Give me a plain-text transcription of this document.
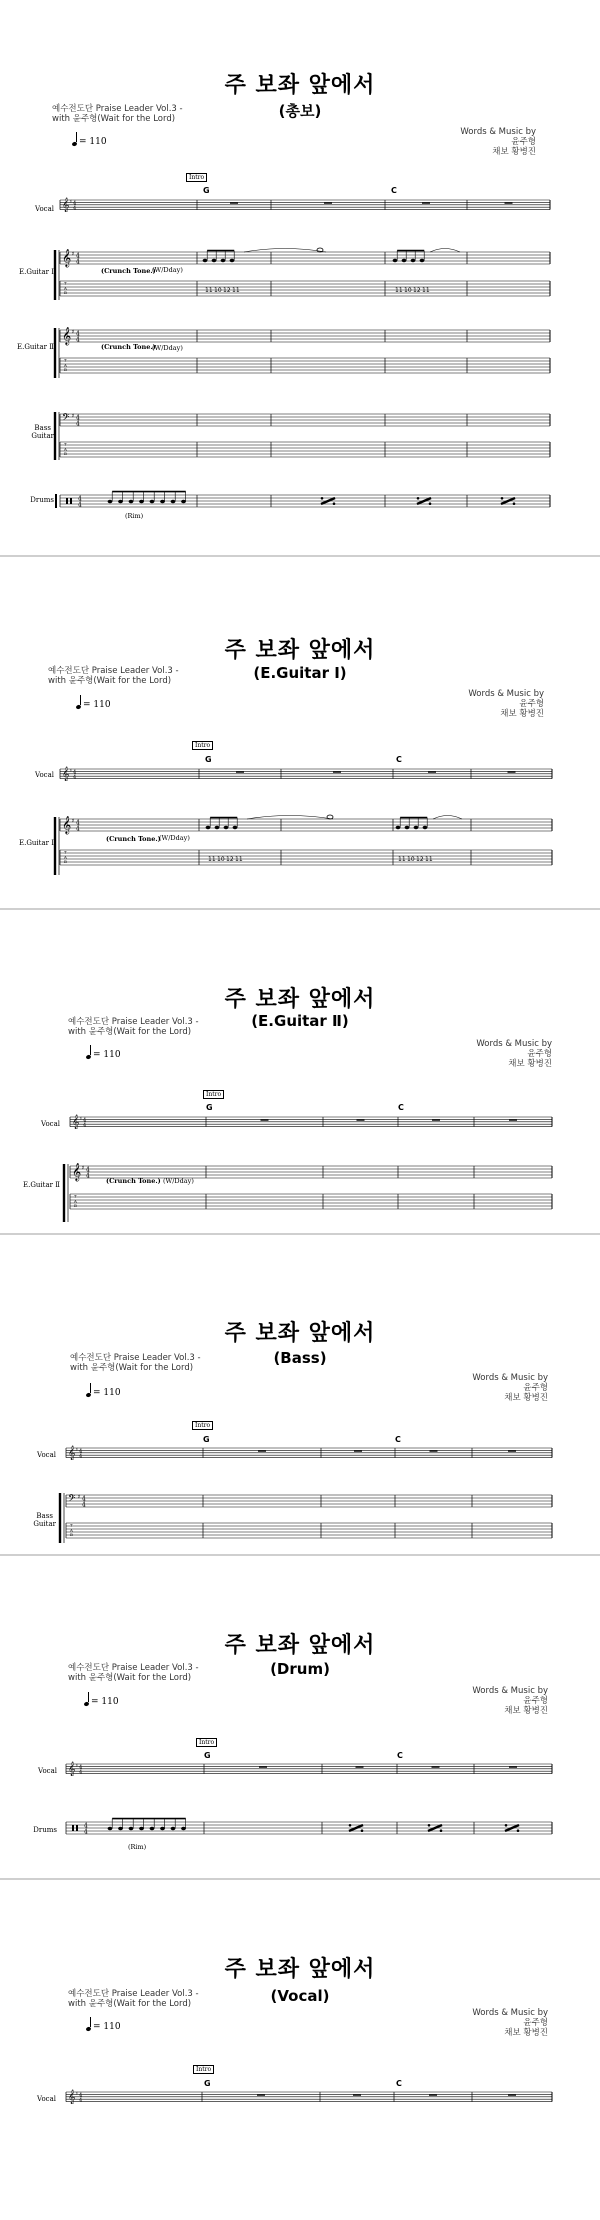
주 보좌 앞에서
(총보)
예수전도단 Praise Leader Vol.3 -
with 윤주형(Wait for the Lord)
Words & Music by
윤주형
채보 황병진
= 110
Intro
G	C
Vocal
E.Guitar Ⅰ
E.Guitar Ⅱ
Bass
Guitar
Drums
(Crunch Tone.)
(W/Dday)
(Crunch Tone.)
(W/Dday)
(Rim)
𝄞 ♯ 4
4
𝄞 ♯ 4
4
T
A
B	11 10 12 11	11 10 12 11
𝄞 ♯ 4
4
T
A
B
𝄢 ♯ 4
4
T
A
B
4
4
주 보좌 앞에서
(E.Guitar Ⅰ)
예수전도단 Praise Leader Vol.3 -
with 윤주형(Wait for the Lord)
Words & Music by
윤주형
채보 황병진
= 110
Intro
G	C
Vocal
E.Guitar Ⅰ	(Crunch Tone.)
(W/Dday)
𝄞 ♯ 4
4
𝄞 ♯ 4
4
T
A
B	11 10 12 11	11 10 12 11
주 보좌 앞에서
(E.Guitar Ⅱ)
예수전도단 Praise Leader Vol.3 -
with 윤주형(Wait for the Lord)
Words & Music by
윤주형
채보 황병진
= 110
Intro
G	C
Vocal
E.Guitar Ⅱ	(Crunch Tone.) (W/Dday)
𝄞 ♯ 4
4
𝄞 ♯ 4
4
T
A
B
주 보좌 앞에서
(Bass)
예수전도단 Praise Leader Vol.3 -
with 윤주형(Wait for the Lord)
Words & Music by
윤주형
채보 황병진
= 110
Intro
G	C
Vocal
Bass
Guitar
𝄞 ♯ 4
4
𝄢 ♯ 4
4
T
A
B
주 보좌 앞에서
(Drum)
예수전도단 Praise Leader Vol.3 -
with 윤주형(Wait for the Lord)
Words & Music by
윤주형
채보 황병진
= 110
Intro
G	C
Vocal
Drums
(Rim)
𝄞 ♯ 4
4
4
4
주 보좌 앞에서
(Vocal)
예수전도단 Praise Leader Vol.3 -
with 윤주형(Wait for the Lord)
Words & Music by
윤주형
채보 황병진
= 110
Intro
G	C
Vocal 𝄞 ♯ 4
4
